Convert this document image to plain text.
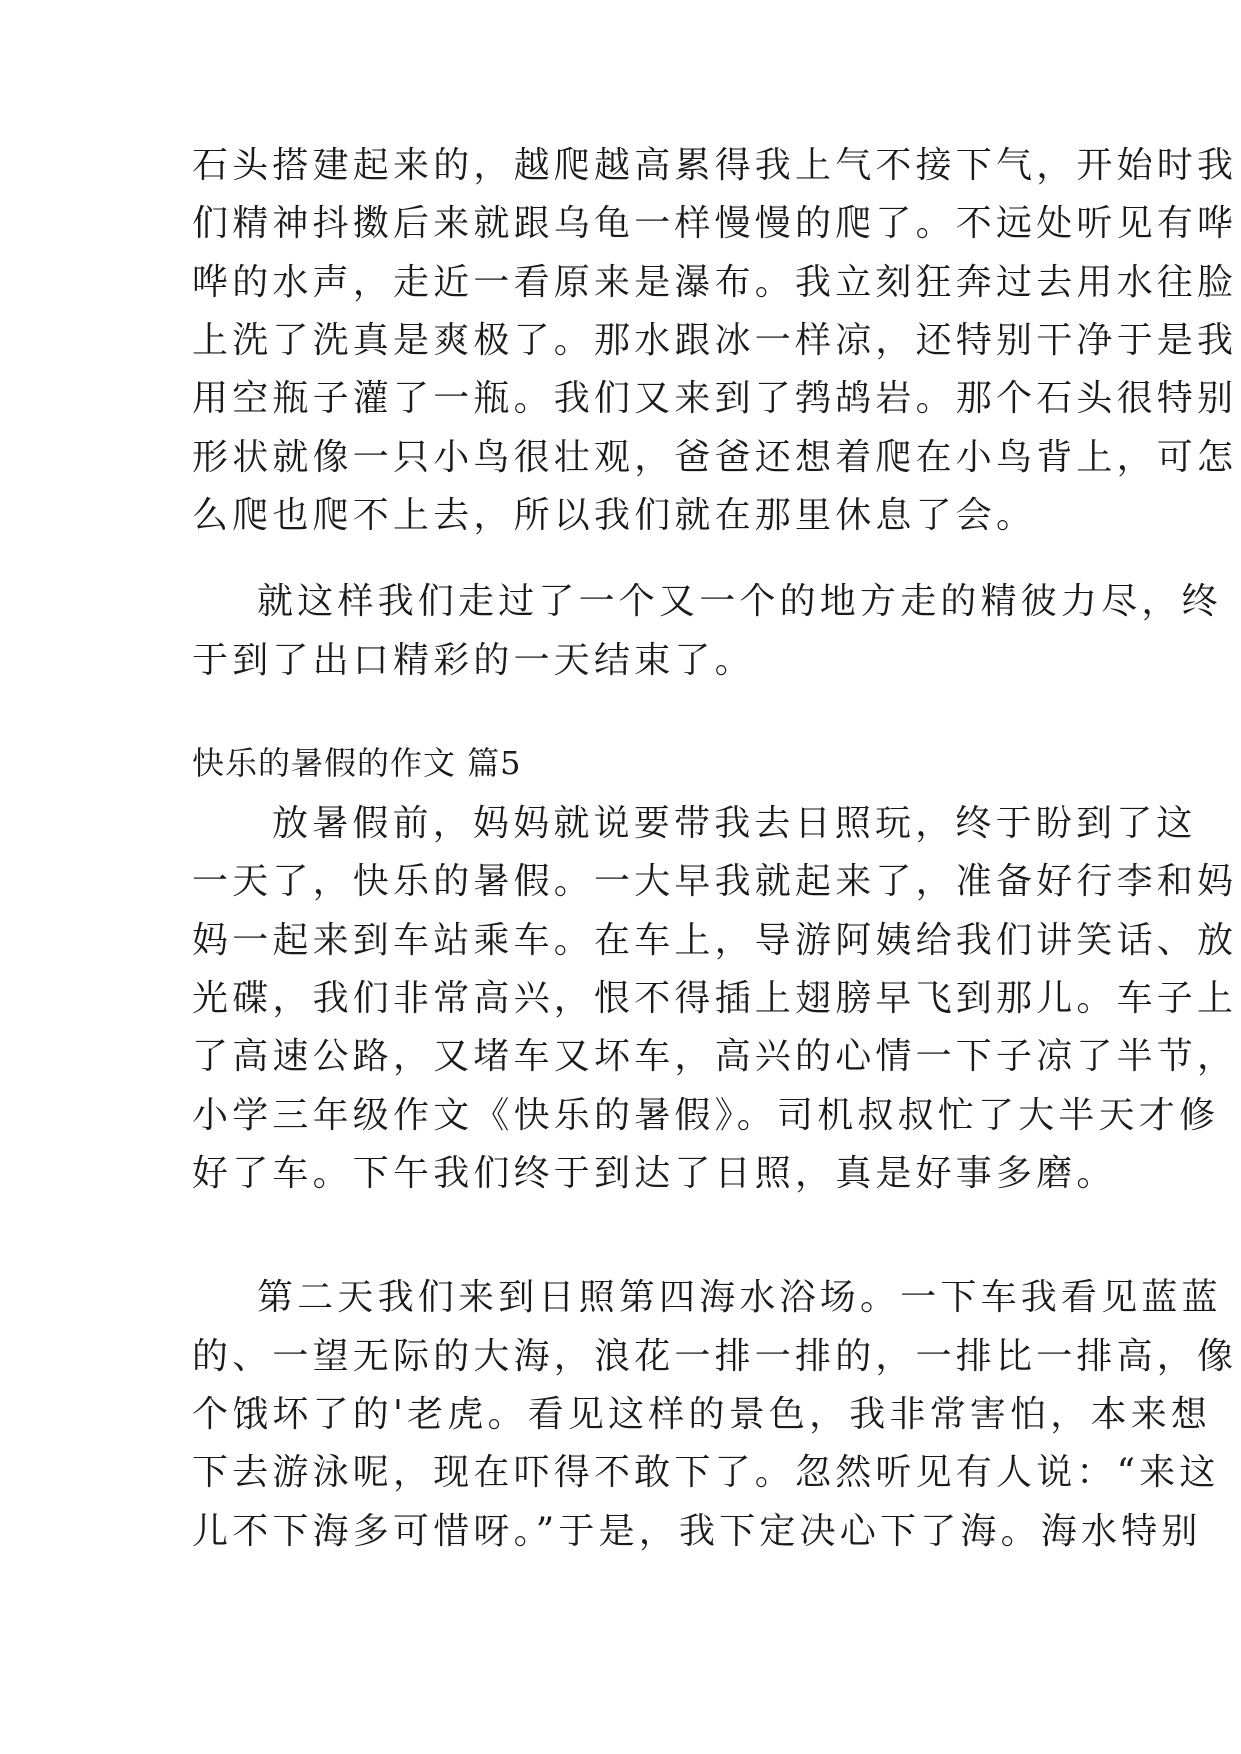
石头搭建起来的，越爬越高累得我上气不接下气，开始时我
们精神抖擞后来就跟乌龟一样慢慢的爬了。不远处听见有哗
哗的水声，走近一看原来是瀑布。我立刻狂奔过去用水往脸
上洗了洗真是爽极了。那水跟冰一样凉，还特别干净于是我
用空瓶子灌了一瓶。我们又来到了鹁鸪岩。那个石头很特别
形状就像一只小鸟很壮观，爸爸还想着爬在小鸟背上，可怎
么爬也爬不上去，所以我们就在那里休息了会。
就这样我们走过了一个又一个的地方走的精彼力尽，终
于到了出口精彩的一天结束了。
快乐的暑假的作文 篇5
放暑假前，妈妈就说要带我去日照玩，终于盼到了这
一天了，快乐的暑假。一大早我就起来了，准备好行李和妈
妈一起来到车站乘车。在车上，导游阿姨给我们讲笑话、放
光碟，我们非常高兴，恨不得插上翅膀早飞到那儿。车子上
了高速公路，又堵车又坏车，高兴的心情一下子凉了半节，
小学三年级作文《快乐的暑假》。司机叔叔忙了大半天才修
好了车。下午我们终于到达了日照，真是好事多磨。
第二天我们来到日照第四海水浴场。一下车我看见蓝蓝
的、一望无际的大海，浪花一排一排的，一排比一排高，像
个饿坏了的'老虎。看见这样的景色，我非常害怕，本来想
下去游泳呢，现在吓得不敢下了。忽然听见有人说：“来这
儿不下海多可惜呀。”于是，我下定决心下了海。海水特别
